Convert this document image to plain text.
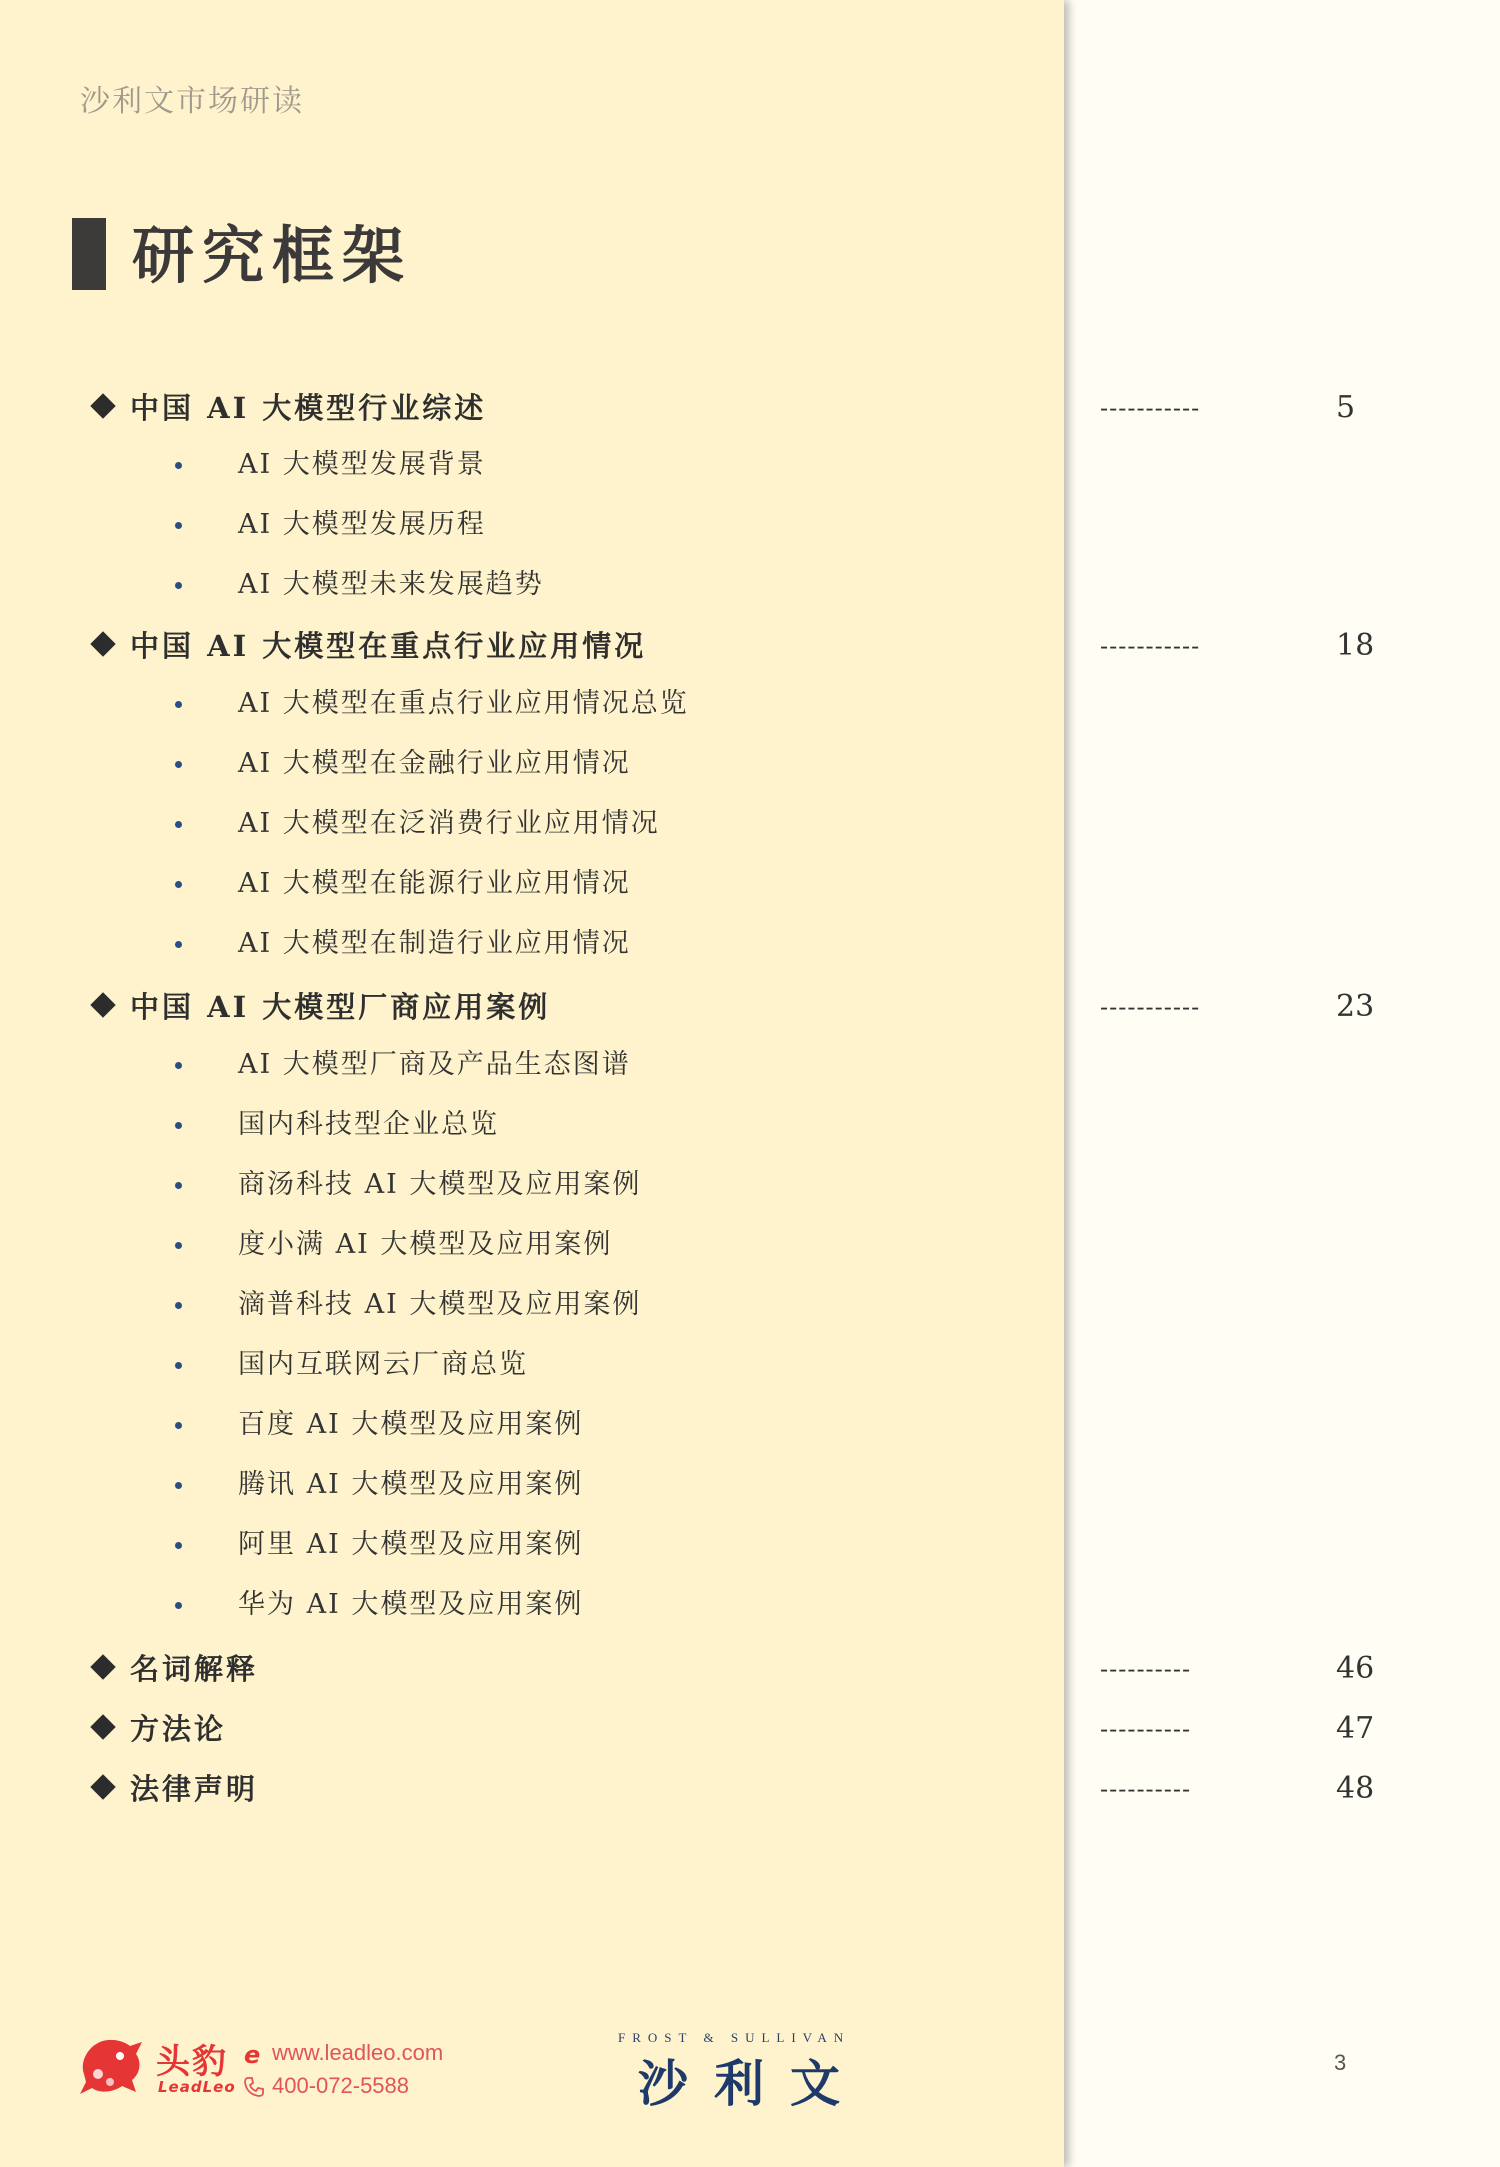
沙利文市场研读
研究框架
中国 AI 大模型行业综述	-----------	5
AI 大模型发展背景
AI 大模型发展历程
AI 大模型未来发展趋势
中国 AI 大模型在重点行业应用情况	-----------	18
AI 大模型在重点行业应用情况总览
AI 大模型在金融行业应用情况
AI 大模型在泛消费行业应用情况
AI 大模型在能源行业应用情况
AI 大模型在制造行业应用情况
中国 AI 大模型厂商应用案例	-----------	23
AI 大模型厂商及产品生态图谱
国内科技型企业总览
商汤科技 AI 大模型及应用案例
度小满 AI 大模型及应用案例
滴普科技 AI 大模型及应用案例
国内互联网云厂商总览
百度 AI 大模型及应用案例
腾讯 AI 大模型及应用案例
阿里 AI 大模型及应用案例
华为 AI 大模型及应用案例
名词解释	----------	46
方法论	----------	47
法律声明	----------	48
头豹
LeadLeo
e www.leadleo.com
400-072-5588
FROST & SULLIVAN
沙利文	3
